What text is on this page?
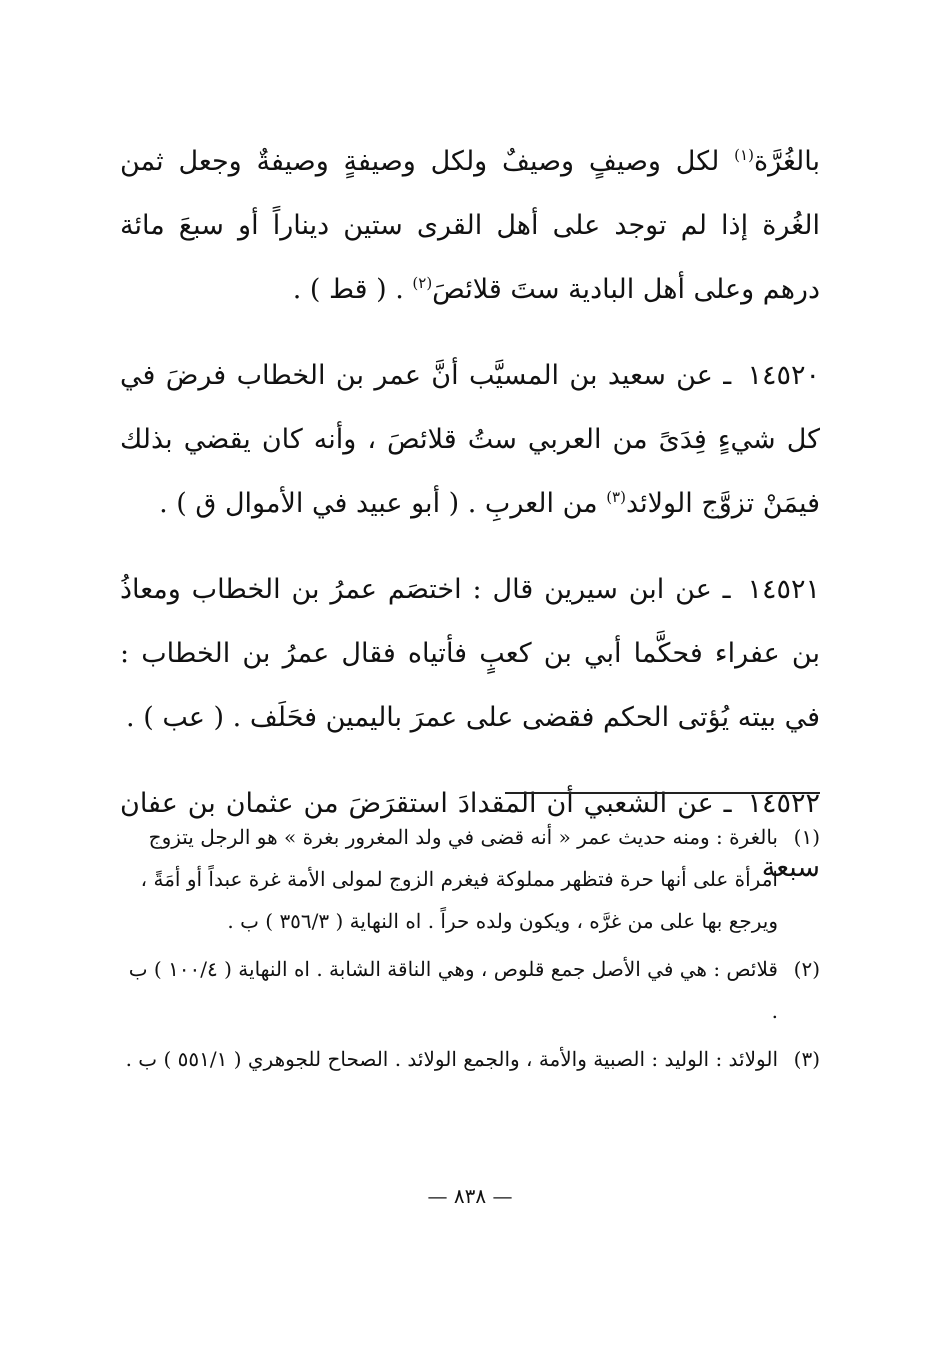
بالغُرَّة$^{(١)}$ لكل وصيفٍ وصيفٌ ولكل وصيفةٍ وصيفةٌ وجعل ثمن الغُرة إذا لم توجد على أهل القرى ستين ديناراً أو سبعَ مائة درهم وعلى أهل البادية ستَ قلائصَ$^{(٢)}$ . ( قط ) .

١٤٥٢٠ ـ عن سعيد بن المسيَّب أنَّ عمر بن الخطاب فرضَ في كل شيءٍ فِدَىً من العربي ستُ قلائصَ ، وأنه كان يقضي بذلك فيمَنْ تزوَّج الولائد$^{(٣)}$ من العربِ . ( أبو عبيد في الأموال ق ) .

١٤٥٢١ ـ عن ابن سيرين قال : اختصَم عمرُ بن الخطاب ومعاذُ بن عفراء فحكَّما أبي بن كعبٍ فأتياه فقال عمرُ بن الخطاب : في بيته يُؤتى الحكم فقضى على عمرَ باليمين فحَلَف . ( عب ) .

١٤٥٢٢ ـ عن الشعبي أن المقدادَ استقرَضَ من عثمان بن عفان سبعة

(١)
بالغرة : ومنه حديث عمر « أنه قضى في ولد المغرور بغرة » هو الرجل يتزوج امرأة على أنها حرة فتظهر مملوكة فيغرم الزوج لمولى الأمة غرة عبداً أو أمَةً ، ويرجع بها على من غرَّه ، ويكون ولده حراً . اه النهاية ( ٣٥٦/٣ ) ب .
(٢)
قلائص : هي في الأصل جمع قلوص ، وهي الناقة الشابة . اه النهاية ( ١٠٠/٤ ) ب .
(٣)
الولائد : الوليد : الصبية والأمة ، والجمع الولائد . الصحاح للجوهري ( ٥٥١/١ ) ب .
— ٨٣٨ —
